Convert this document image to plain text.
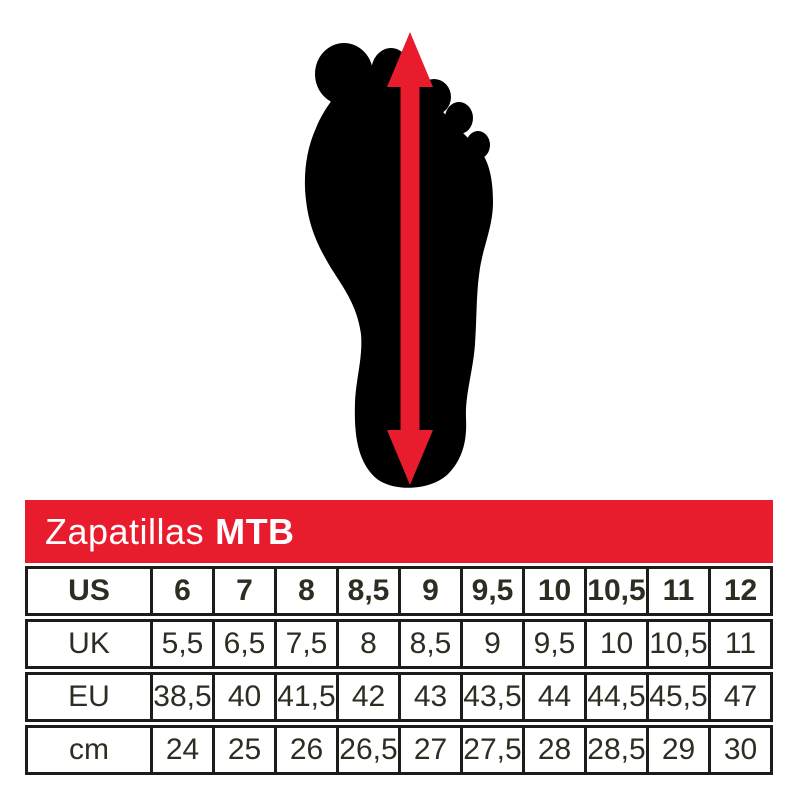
Zapatillas MTB
US	6	7	8	8,5	9	9,5 10 10,5 11 12
UK	5,5 6,5 7,5	8	8,5	9	9,5 10 10,5 11
EU	38,5 40 41,5 42 43 43,5 44 44,5 45,5 47
cm	24 25 26 26,5 27 27,5 28 28,5 29 30
